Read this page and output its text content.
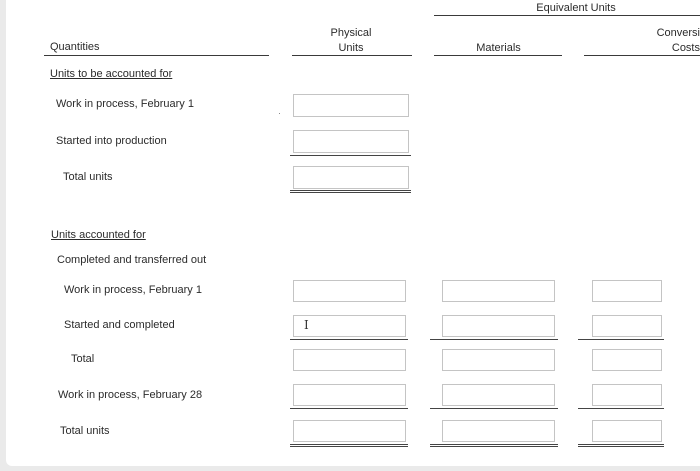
Quantities
Physical
Units
Equivalent Units
Materials
Conversi
Costs
Units to be accounted for
Work in process, February 1
·
Started into production
Total units
Units accounted for
Completed and transferred out
Work in process, February 1
Started and completed	I
Total
Work in process, February 28
Total units
